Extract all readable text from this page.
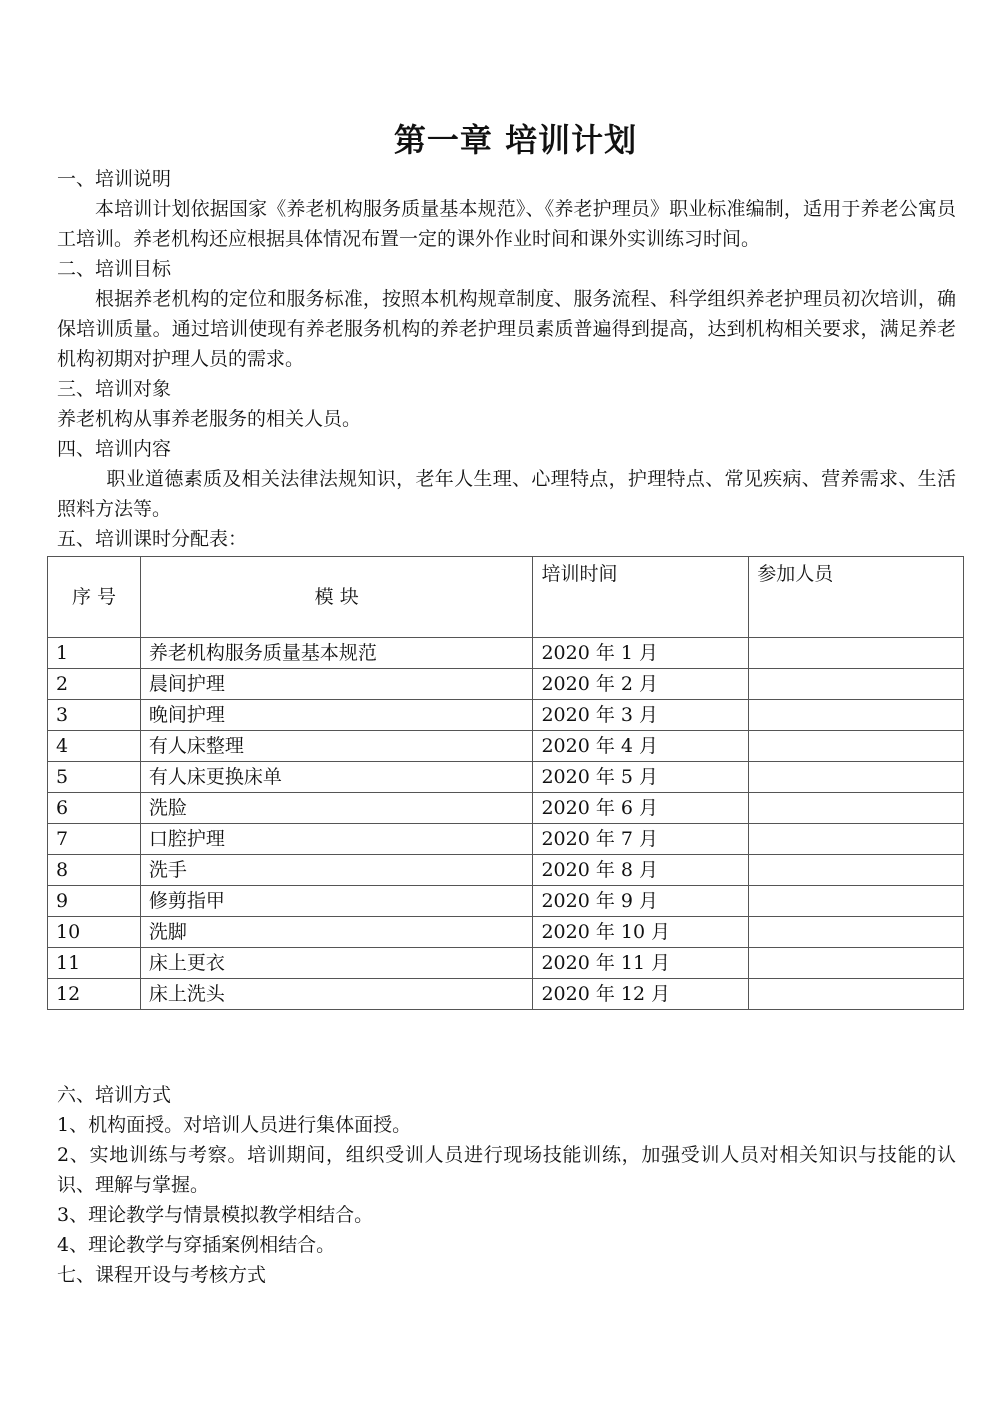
第一章 培训计划

一、培训说明

本培训计划依据国家《养老机构服务质量基本规范》、《养老护理员》职业标准编制，适用于养老公寓员工培训。养老机构还应根据具体情况布置一定的课外作业时间和课外实训练习时间。

二、培训目标

根据养老机构的定位和服务标准，按照本机构规章制度、服务流程、科学组织养老护理员初次培训，确保培训质量。通过培训使现有养老服务机构的养老护理员素质普遍得到提高，达到机构相关要求，满足养老机构初期对护理人员的需求。

三、培训对象

养老机构从事养老服务的相关人员。

四、培训内容

职业道德素质及相关法律法规知识，老年人生理、心理特点，护理特点、常见疾病、营养需求、生活照料方法等。

五、培训课时分配表：

序 号	模 块	培训时间	参加人员
1	养老机构服务质量基本规范	2020 年 1 月	
2	晨间护理	2020 年 2 月	
3	晚间护理	2020 年 3 月	
4	有人床整理	2020 年 4 月	
5	有人床更换床单	2020 年 5 月	
6	洗脸	2020 年 6 月	
7	口腔护理	2020 年 7 月	
8	洗手	2020 年 8 月	
9	修剪指甲	2020 年 9 月	
10	洗脚	2020 年 10 月	
11	床上更衣	2020 年 11 月	
12	床上洗头	2020 年 12 月	

六、培训方式

1、机构面授。对培训人员进行集体面授。

2、实地训练与考察。培训期间，组织受训人员进行现场技能训练，加强受训人员对相关知识与技能的认识、理解与掌握。

3、理论教学与情景模拟教学相结合。

4、理论教学与穿插案例相结合。

七、课程开设与考核方式
